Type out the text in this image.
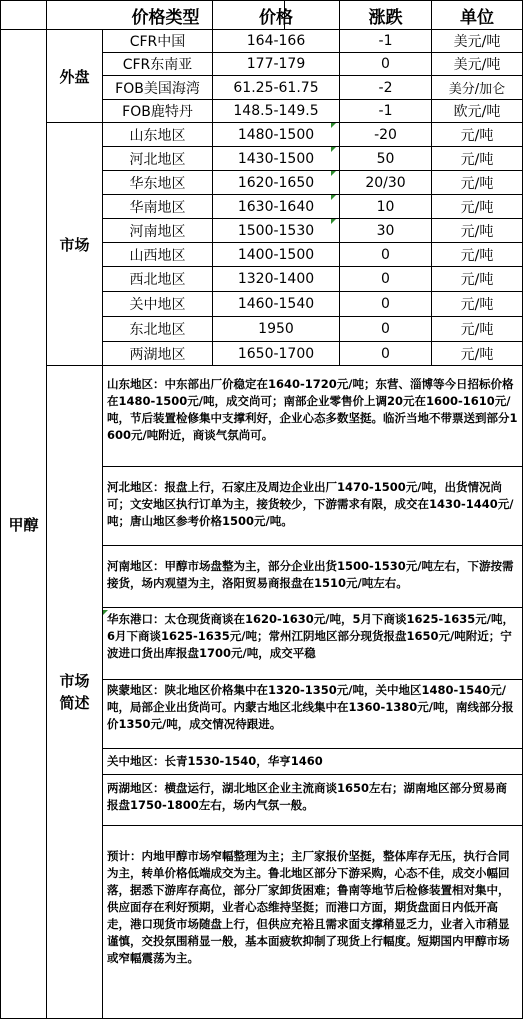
价格类型	价格	涨跌	单位
甲醇
外盘
市场
市场
简述
CFR中国	164-166	-1	美元/吨
CFR东南亚	177-179	0	美元/吨
FOB美国海湾	61.25-61.75	-2	美分/加仑
FOB鹿特丹	148.5-149.5	-1	欧元/吨
山东地区	1480-1500	-20	元/吨
河北地区	1430-1500	50	元/吨
华东地区	1620-1650	20/30	元/吨
华南地区	1630-1640	10	元/吨
河南地区	1500-1530	30	元/吨
山西地区	1400-1500	0	元/吨
西北地区	1320-1400	0	元/吨
关中地区	1460-1540	0	元/吨
东北地区	1950	0	元/吨
两湖地区	1650-1700	0	元/吨
山东地区：中东部出厂价稳定在1640-1720元/吨；东营、淄博等今日招标价格在1480-1500元/吨，成交尚可；南部企业零售价上调20元在1600-1610元/吨，节后装置检修集中支撑利好，企业心态多数坚挺。临沂当地不带票送到部分1600元/吨附近，商谈气氛尚可。
河北地区：报盘上行，石家庄及周边企业出厂1470-1500元/吨，出货情况尚可；文安地区执行订单为主，接货较少，下游需求有限，成交在1430-1440元/吨；唐山地区参考价格1500元/吨。
河南地区：甲醇市场盘整为主，部分企业出货1500-1530元/吨左右，下游按需接货，场内观望为主，洛阳贸易商报盘在1510元/吨左右。
华东港口：太仓现货商谈在1620-1630元/吨，5月下商谈1625-1635元/吨，6月下商谈1625-1635元/吨；常州江阴地区部分现货报盘1650元/吨附近；宁波进口货出库报盘1700元/吨，成交平稳
陕蒙地区：陕北地区价格集中在1320-1350元/吨，关中地区1480-1540元/吨，局部企业出货尚可。内蒙古地区北线集中在1360-1380元/吨，南线部分报价1350元/吨，成交情况待跟进。
关中地区：长青1530-1540，华亨1460
两湖地区：横盘运行，湖北地区企业主流商谈1650左右；湖南地区部分贸易商报盘1750-1800左右，场内气氛一般。
预计：内地甲醇市场窄幅整理为主；主厂家报价坚挺，整体库存无压，执行合同为主，转单价格低端成交为主。鲁北地区部分下游采购，心态不佳，成交小幅回落，据悉下游库存高位，部分厂家卸货困难；鲁南等地节后检修装置相对集中，供应面存在利好预期，业者心态维持坚挺；而港口方面，期货盘面日内低开高走，港口现货市场随盘上行，但供应充裕且需求面支撑稍显乏力，业者入市稍显谨慎，交投氛围稍显一般，基本面疲软抑制了现货上行幅度。短期国内甲醇市场或窄幅震荡为主。
